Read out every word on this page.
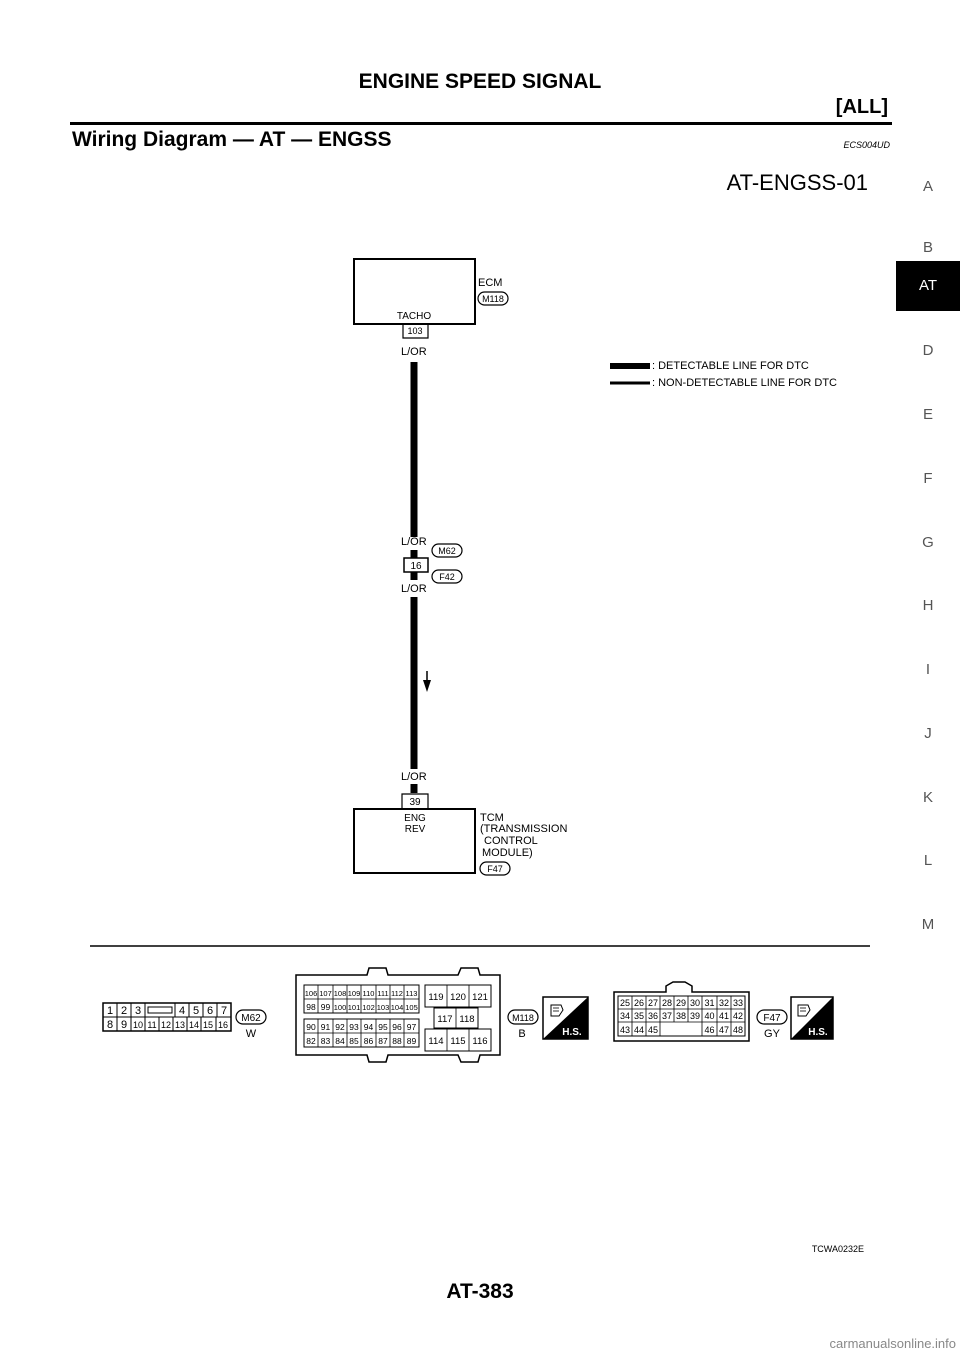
ENGINE SPEED SIGNAL
[ALL]
Wiring Diagram — AT — ENGSS	ECS004UD
A
B
AT
D
E
F
G
H
I
J
K
L
M
AT-ENGSS-01
ECM
M118
TACHO
103
L/OR
: DETECTABLE LINE FOR DTC
: NON-DETECTABLE LINE FOR DTC
L/OR
M62
16
F42
L/OR
L/OR
39
ENG
REV
TCM
(TRANSMISSION
CONTROL
MODULE)
F47
1 2 3	4 5 6 7
8 9 10 11 12 13 14 15 16
M62
W
106 107 108 109 110 111 112 113
98 99 100 101 102 103 104 105
90 91 92 93 94 95 96 97
82 83 84 85 86 87 88 89
119 120 121
117 118
114 115 116
M118
B	H.S.
25 26 27 28 29 30 31 32 33
34 35 36 37 38 39 40 41 42
43 44 45	46 47 48
F47
GY	H.S.
TCWA0232E
AT-383
carmanualsonline.info
